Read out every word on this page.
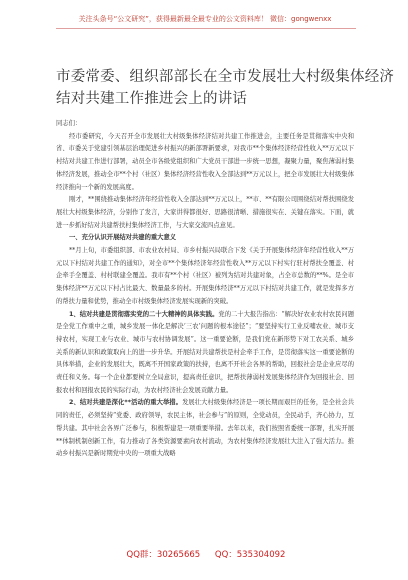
关注头条号“公文研究”，获得最新最全最专业的公文资料库！ 微信：gongwenxx
市委常委、组织部部长在全市发展壮大村级集体经济
结对共建工作推进会上的讲话

同志们：

经市委研究，今天召开全市发展壮大村级集体经济结对共建工作推进会，主要任务是贯彻落实中央和省、市委关于党建引领基层治理促进乡村振兴的新部署新要求，对我市**个集体经济经营性收入**万元以下村结对共建工作进行部署，动员全市各级党组织和广大党员干部进一步统一思想，凝聚力量，聚焦薄弱村集体经济发展，推动全市**个村（社区）集体经济经营性收入全部达到**万元以上，把全市发展壮大村级集体经济推向一个新的发展高度。

刚才，**围绕推动集体经济年经营性收入全部达到**万元以上，**市、**有限公司围绕结对帮扶围绕发展壮大村级集体经济，分别作了发言，大家讲得都很好、思路很清晰、措施很实在、关键在落实。下面，就进一步抓好结对共建帮扶村集体经济工作，与大家交流四点意见。

一、充分认识开展结对共建的重大意义

**月上旬，市委组织部、市农业农村局、市乡村振兴局联合下发《关于开展集体经济年经营性收入**万元以下村结对共建工作的通知》，对全市**个集体经济年经营性收入**万元以下村实行驻村帮扶全覆盖、村企牵手全覆盖、村村联建全覆盖。我市有**个村（社区）被列为结对共建对象，占全市总数的**%。是全市集体经济**万元以下村占比最大、数量最多的村。开展集体经济**万元以下村结对共建工作，就是发挥多方的帮扶力量和优势，推动全市村级集体经济发展实现新的突破。

1、结对共建是贯彻落实党的二十大精神的具体实践。党的二十大报告指出：“解决好农业农村农民问题是全党工作重中之重，城乡发展一体化是解决‘三农’问题的根本途径”；“要坚持实行工业反哺农业、城市支持农村，实现工业与农业、城市与农村协调发展”。这一重要论断，是我们党在新形势下对工农关系、城乡关系的新认识和政策取向上的进一步升华。开展结对共建帮扶是村企牵手工作，是贯彻落实这一重要论断的具体举措，企业的发展壮大，既离不开国家政策的扶持，也离不开社会各界的帮助，回报社会是企业应尽的责任和义务。每一个企业都要树立全局意识，提高责任意识，把帮扶薄弱村发展集体经济作为回报社会、回报农村和回报农民的实际行动，为农村经济社会发展贡献力量。

2、结对共建是深化**活动的重大举措。发展壮大村级集体经济是一项长期而艰巨的任务，是全社会共同的责任，必须坚持“党委、政府领导，农民主体，社会参与”的原则，全党动员，全民动手，齐心协力，互帮共建。其中社会各界广泛参与，积极帮建是一项重要举措。去年以来，我们按照省委统一部署，扎实开展**体制机制创新工作，有力推动了各类资源要素向农村流动，为农村集体经济发展壮大注入了强大活力。推动乡村振兴是新时期党中央的一项重大战略

QQ群：30265665 QQ：535304092
